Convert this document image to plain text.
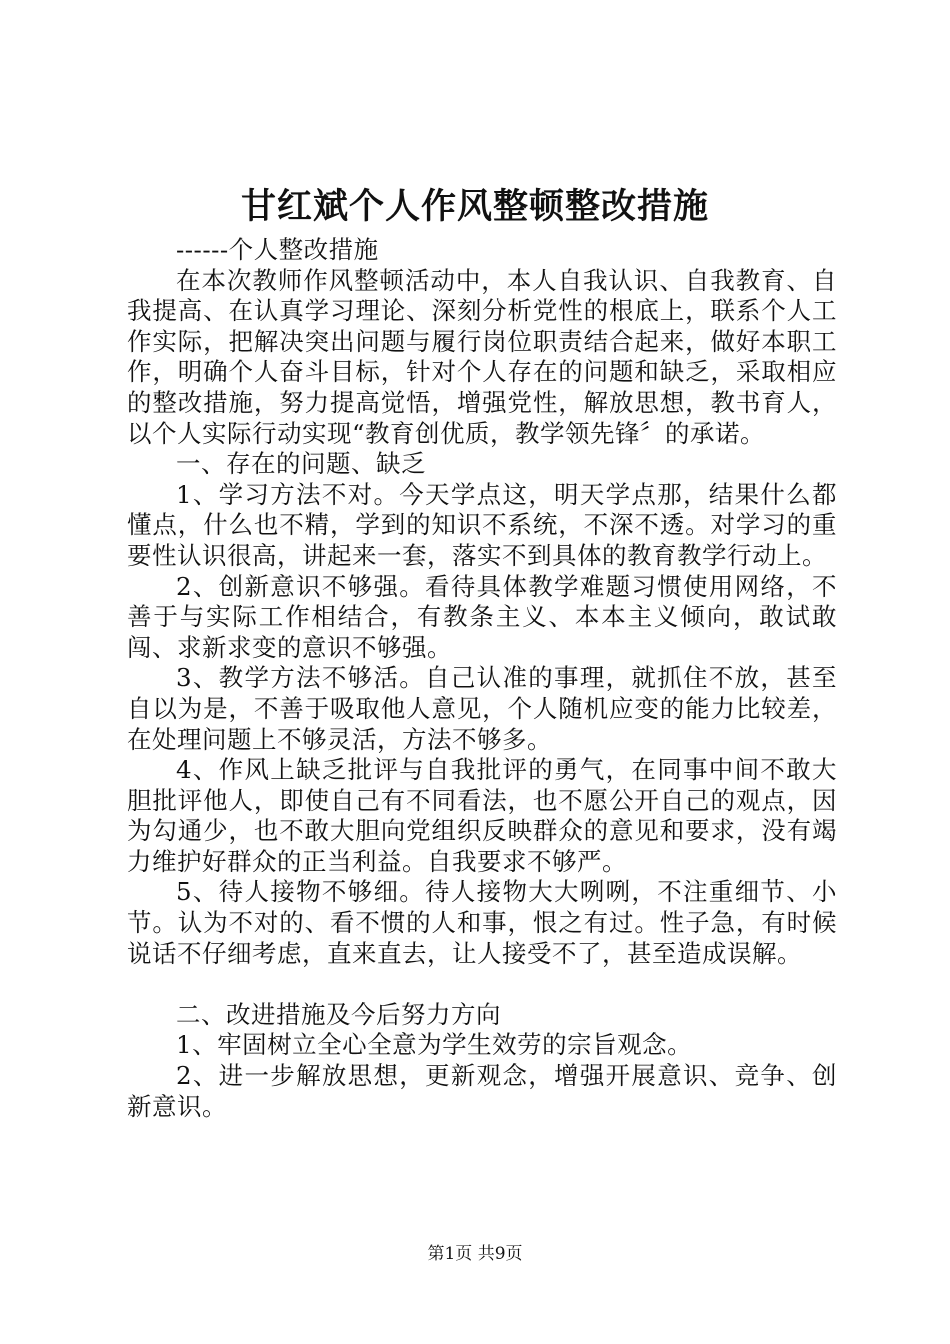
甘红斌个人作风整顿整改措施

------个人整改措施

在本次教师作风整顿活动中，本人自我认识、自我教育、自我提高、在认真学习理论、深刻分析党性的根底上，联系个人工作实际，把解决突出问题与履行岗位职责结合起来，做好本职工作，明确个人奋斗目标，针对个人存在的问题和缺乏，采取相应的整改措施，努力提高觉悟，增强党性，解放思想，教书育人，以个人实际行动实现“教育创优质，教学领先锋〞的承诺。

一、存在的问题、缺乏

1、学习方法不对。今天学点这，明天学点那，结果什么都懂点，什么也不精，学到的知识不系统，不深不透。对学习的重要性认识很高，讲起来一套，落实不到具体的教育教学行动上。

2、创新意识不够强。看待具体教学难题习惯使用网络，不善于与实际工作相结合，有教条主义、本本主义倾向，敢试敢闯、求新求变的意识不够强。

3、教学方法不够活。自己认准的事理，就抓住不放，甚至自以为是，不善于吸取他人意见，个人随机应变的能力比较差，在处理问题上不够灵活，方法不够多。

4、作风上缺乏批评与自我批评的勇气，在同事中间不敢大胆批评他人，即使自己有不同看法，也不愿公开自己的观点，因为勾通少，也不敢大胆向党组织反映群众的意见和要求，没有竭力维护好群众的正当利益。自我要求不够严。

5、待人接物不够细。待人接物大大咧咧，不注重细节、小节。认为不对的、看不惯的人和事，恨之有过。性子急，有时候说话不仔细考虑，直来直去，让人接受不了，甚至造成误解。

二、改进措施及今后努力方向

1、牢固树立全心全意为学生效劳的宗旨观念。

2、进一步解放思想，更新观念，增强开展意识、竞争、创新意识。

第1页 共9页
